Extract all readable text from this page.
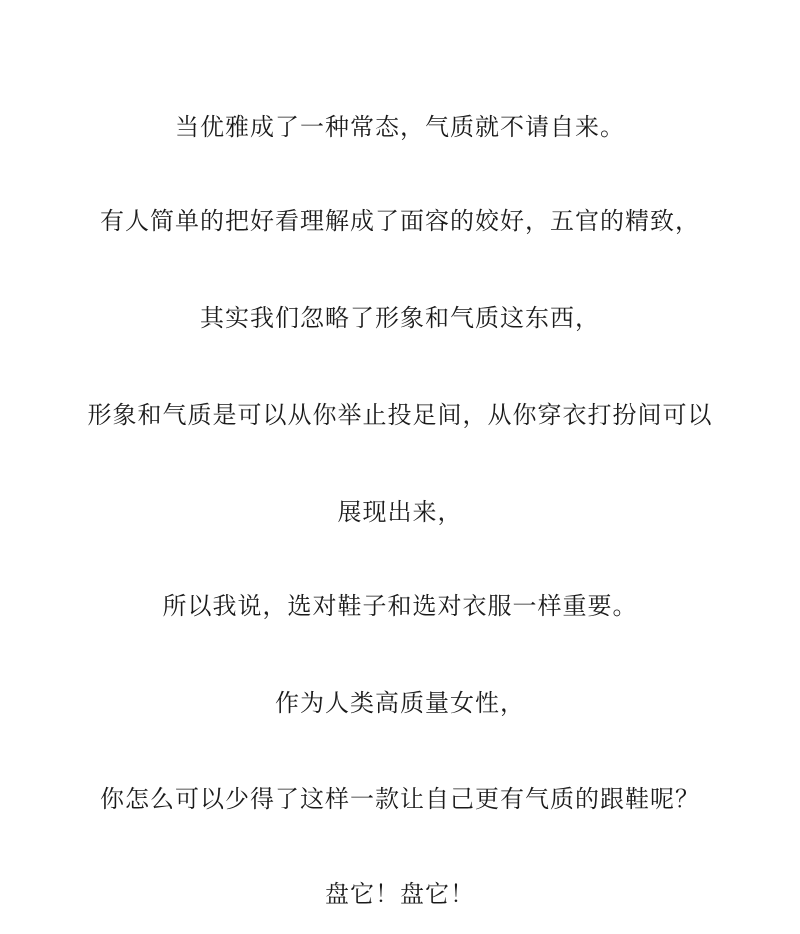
当优雅成了一种常态，气质就不请自来。

有人简单的把好看理解成了面容的姣好，五官的精致，

其实我们忽略了形象和气质这东西，

形象和气质是可以从你举止投足间，从你穿衣打扮间可以

展现出来，

所以我说，选对鞋子和选对衣服一样重要。

作为人类高质量女性，

你怎么可以少得了这样一款让自己更有气质的跟鞋呢？

盘它！盘它！
